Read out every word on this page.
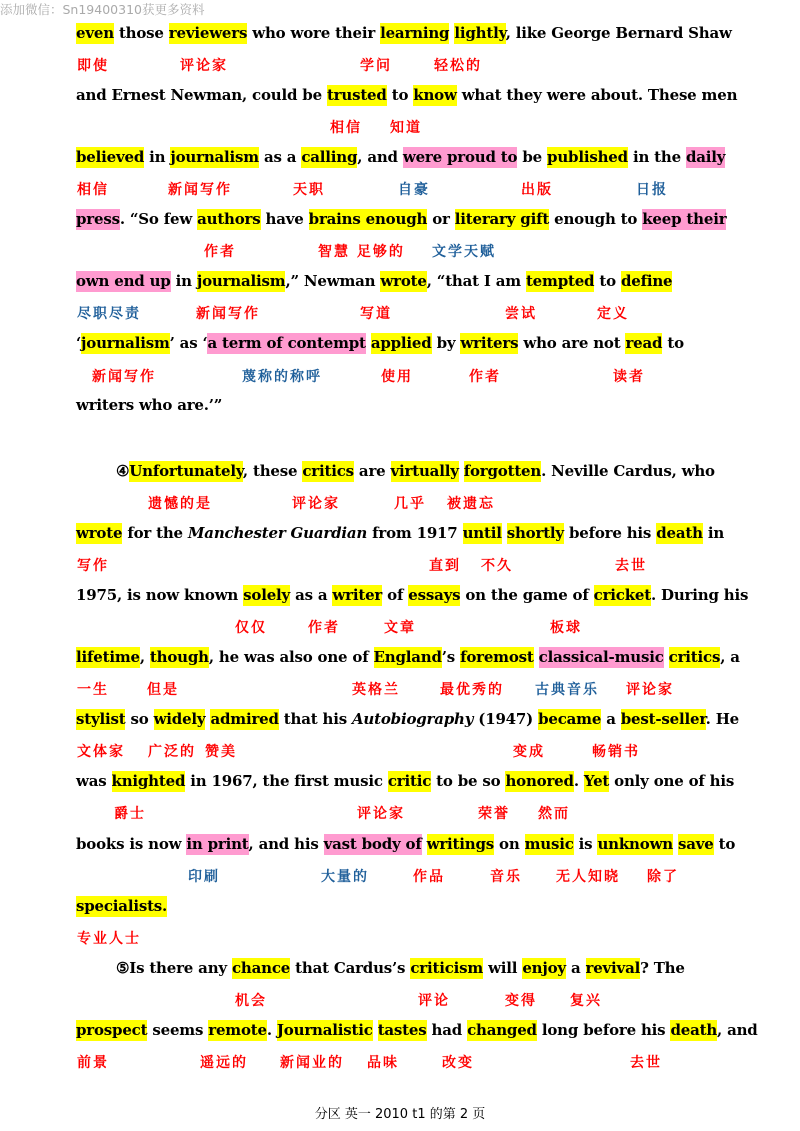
添加微信：Sn19400310获更多资料
even those reviewers who wore their learning lightly, like George Bernard Shaw
and Ernest Newman, could be trusted to know what they were about. These men
believed in journalism as a calling, and were proud to be published in the daily
press. “So few authors have brains enough or literary gift enough to keep their
own end up in journalism,” Newman wrote, “that I am tempted to define
‘journalism’ as ‘a term of contempt applied by writers who are not read to
writers who are.’”
④Unfortunately, these critics are virtually forgotten. Neville Cardus, who
wrote for the Manchester Guardian from 1917 until shortly before his death in
1975, is now known solely as a writer of essays on the game of cricket. During his
lifetime, though, he was also one of England’s foremost classical-music critics, a
stylist so widely admired that his Autobiography (1947) became a best-seller. He
was knighted in 1967, the first music critic to be so honored. Yet only one of his
books is now in print, and his vast body of writings on music is unknown save to
specialists.
⑤Is there any chance that Cardus’s criticism will enjoy a revival? The
prospect seems remote. Journalistic tastes had changed long before his death, and
即使	评论家	学问	轻松的
相信 知道
相信	新闻写作	天职	自豪	出版	日报
作者	智慧 足够的 文学天赋
尽职尽责	新闻写作	写道	尝试	定义
新闻写作	蔑称的称呼	使用	作者	读者
遗憾的是	评论家	几乎 被遗忘
写作	直到 不久	去世
仅仅	作者	文章	板球
一生	但是	英格兰	最优秀的 古典音乐 评论家
文体家 广泛的 赞美	变成	畅销书
爵士	评论家	荣誉 然而
印刷	大量的	作品	音乐 无人知晓 除了
专业人士
机会	评论	变得 复兴
前景	遥远的 新闻业的 品味	改变	去世
分区 英一 2010 t1 的第 2 页
